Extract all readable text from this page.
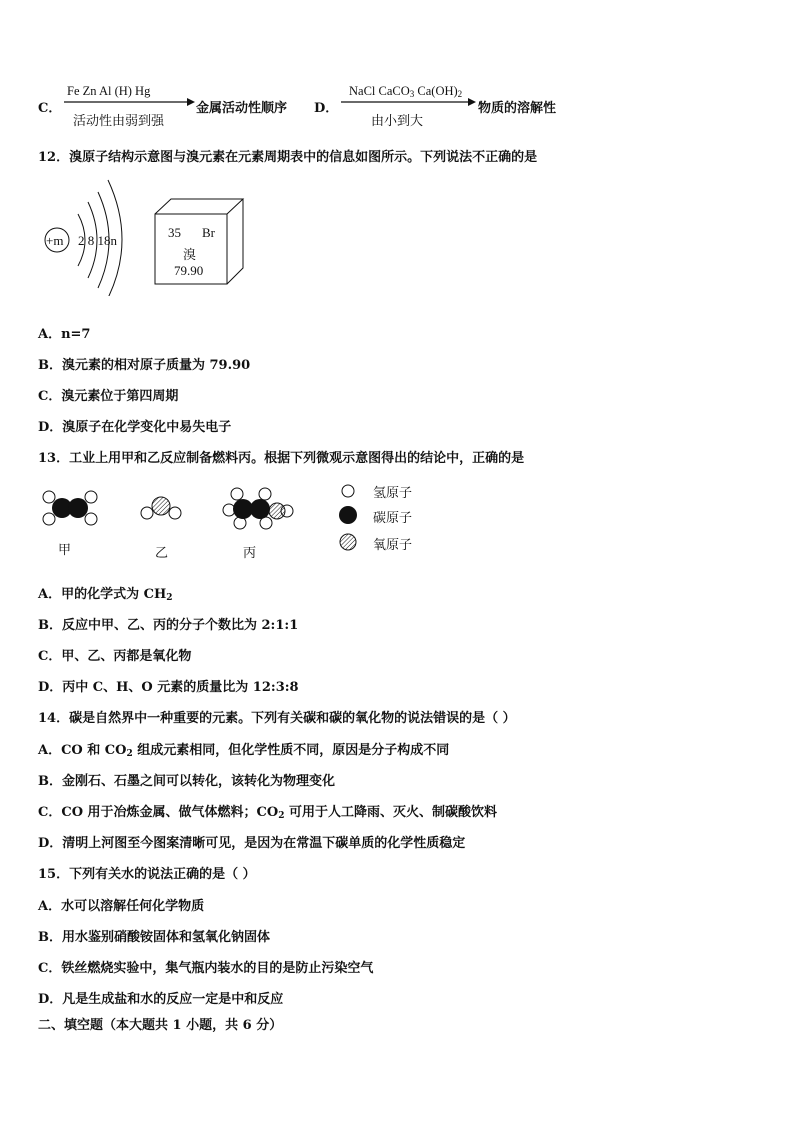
C．
Fe Zn Al (H) Hg
活动性由弱到强
金属活动性顺序 D．
NaCl CaCO$_3$ $Ca(OH)_2$
由小到大
物质的溶解性
12．溴原子结构示意图与溴元素在元素周期表中的信息如图所示。下列说法不正确的是
+m 2 8 18n
35 Br
溴
79.90
A．n=7
B．溴元素的相对原子质量为 79.90
C．溴元素位于第四周期
D．溴原子在化学变化中易失电子
13．工业上用甲和乙反应制备燃料丙。根据下列微观示意图得出的结论中，正确的是
甲	乙	丙
氢原子
碳原子
氧原子
A．甲的化学式为 $CH_2$
B．反应中甲、乙、丙的分子个数比为 2:1:1
C．甲、乙、丙都是氧化物
D．丙中 C、H、O 元素的质量比为 12:3:8
14．碳是自然界中一种重要的元素。下列有关碳和碳的氧化物的说法错误的是（ ）
A．CO 和 $CO_2$ 组成元素相同，但化学性质不同，原因是分子构成不同
B．金刚石、石墨之间可以转化，该转化为物理变化
C．CO 用于冶炼金属、做气体燃料；$CO_2$ 可用于人工降雨、灭火、制碳酸饮料
D．清明上河图至今图案清晰可见，是因为在常温下碳单质的化学性质稳定
15．下列有关水的说法正确的是（ ）
A．水可以溶解任何化学物质
B．用水鉴别硝酸铵固体和氢氧化钠固体
C．铁丝燃烧实验中，集气瓶内装水的目的是防止污染空气
D．凡是生成盐和水的反应一定是中和反应
二、填空题（本大题共 1 小题，共 6 分）
